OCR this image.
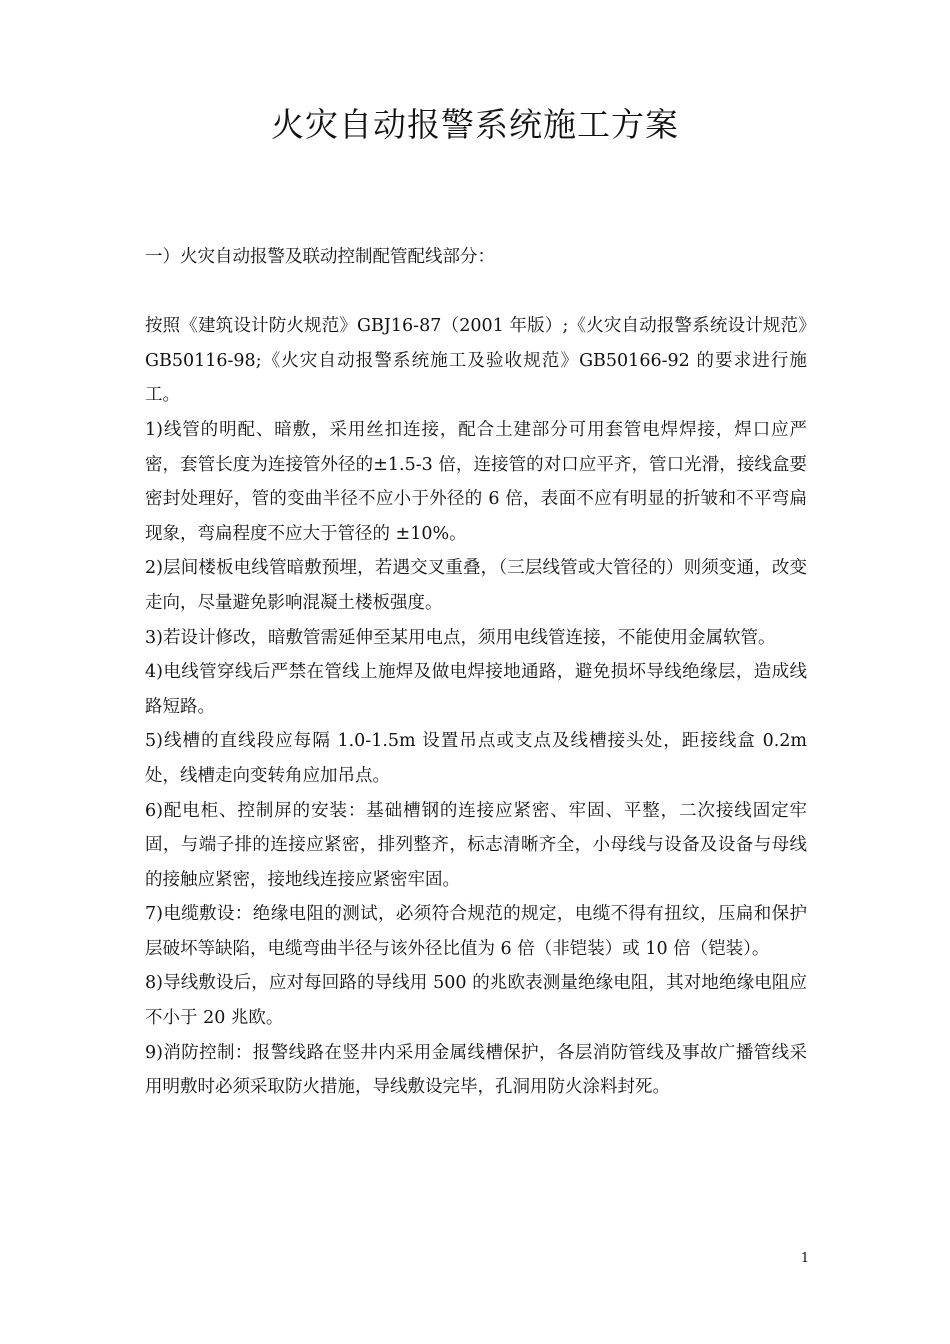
火灾自动报警系统施工方案

一）火灾自动报警及联动控制配管配线部分：

按照《建筑设计防火规范》GBJ16-87（2001 年版）;《火灾自动报警系统设计规范》GB50116-98;《火灾自动报警系统施工及验收规范》GB50166-92 的要求进行施工。

1)线管的明配、暗敷，采用丝扣连接，配合土建部分可用套管电焊焊接，焊口应严密，套管长度为连接管外径的±1.5-3 倍，连接管的对口应平齐，管口光滑，接线盒要密封处理好，管的变曲半径不应小于外径的 6 倍，表面不应有明显的折皱和不平弯扁现象，弯扁程度不应大于管径的 ±10%。

2)层间楼板电线管暗敷预埋，若遇交叉重叠，（三层线管或大管径的）则须变通，改变走向，尽量避免影响混凝土楼板强度。

3)若设计修改，暗敷管需延伸至某用电点，须用电线管连接，不能使用金属软管。

4)电线管穿线后严禁在管线上施焊及做电焊接地通路，避免损坏导线绝缘层，造成线路短路。

5)线槽的直线段应每隔 1.0-1.5m 设置吊点或支点及线槽接头处，距接线盒 0.2m处，线槽走向变转角应加吊点。

6)配电柜、控制屏的安装：基础槽钢的连接应紧密、牢固、平整，二次接线固定牢固，与端子排的连接应紧密，排列整齐，标志清晰齐全，小母线与设备及设备与母线的接触应紧密，接地线连接应紧密牢固。

7)电缆敷设：绝缘电阻的测试，必须符合规范的规定，电缆不得有扭纹，压扁和保护层破坏等缺陷，电缆弯曲半径与该外径比值为 6 倍（非铠装）或 10 倍（铠装）。

8)导线敷设后，应对每回路的导线用 500 的兆欧表测量绝缘电阻，其对地绝缘电阻应不小于 20 兆欧。

9)消防控制：报警线路在竖井内采用金属线槽保护，各层消防管线及事故广播管线采用明敷时必须采取防火措施，导线敷设完毕，孔洞用防火涂料封死。

1
